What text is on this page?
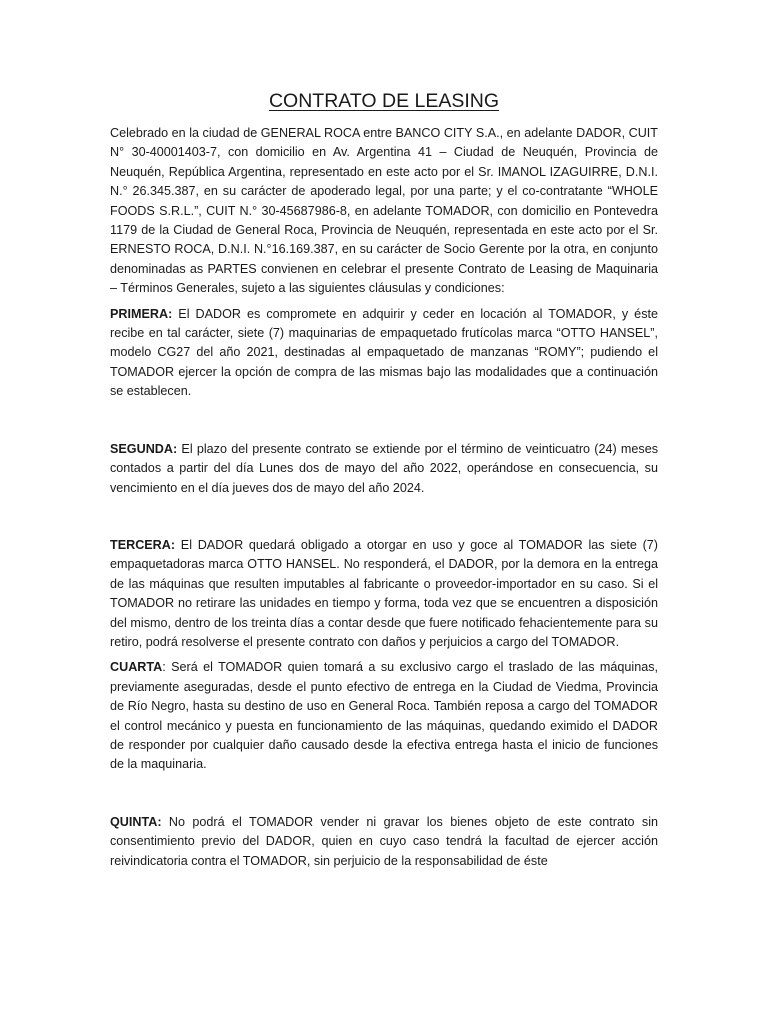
CONTRATO DE LEASING

Celebrado en la ciudad de GENERAL ROCA entre BANCO CITY S.A., en adelante DADOR, CUIT N° 30-40001403-7, con domicilio en Av. Argentina 41 – Ciudad de Neuquén, Provincia de Neuquén, República Argentina, representado en este acto por el Sr. IMANOL IZAGUIRRE, D.N.I. N.° 26.345.387, en su carácter de apoderado legal, por una parte; y el co-contratante “WHOLE FOODS S.R.L.”, CUIT N.° 30-45687986-8, en adelante TOMADOR, con domicilio en Pontevedra 1179 de la Ciudad de General Roca, Provincia de Neuquén, representada en este acto por el Sr. ERNESTO ROCA, D.N.I. N.°16.169.387, en su carácter de Socio Gerente por la otra, en conjunto denominadas as PARTES convienen en celebrar el presente Contrato de Leasing de Maquinaria – Términos Generales, sujeto a las siguientes cláusulas y condiciones:

PRIMERA: El DADOR es compromete en adquirir y ceder en locación al TOMADOR, y éste recibe en tal carácter, siete (7) maquinarias de empaquetado frutícolas marca “OTTO HANSEL”, modelo CG27 del año 2021, destinadas al empaquetado de manzanas “ROMY”; pudiendo el TOMADOR ejercer la opción de compra de las mismas bajo las modalidades que a continuación se establecen.

SEGUNDA: El plazo del presente contrato se extiende por el término de veinticuatro (24) meses contados a partir del día Lunes dos de mayo del año 2022, operándose en consecuencia, su vencimiento en el día jueves dos de mayo del año 2024.

TERCERA: El DADOR quedará obligado a otorgar en uso y goce al TOMADOR las siete (7) empaquetadoras marca OTTO HANSEL. No responderá, el DADOR, por la demora en la entrega de las máquinas que resulten imputables al fabricante o proveedor-importador en su caso. Si el TOMADOR no retirare las unidades en tiempo y forma, toda vez que se encuentren a disposición del mismo, dentro de los treinta días a contar desde que fuere notificado fehacientemente para su retiro, podrá resolverse el presente contrato con daños y perjuicios a cargo del TOMADOR.

CUARTA: Será el TOMADOR quien tomará a su exclusivo cargo el traslado de las máquinas, previamente aseguradas, desde el punto efectivo de entrega en la Ciudad de Viedma, Provincia de Río Negro, hasta su destino de uso en General Roca. También reposa a cargo del TOMADOR el control mecánico y puesta en funcionamiento de las máquinas, quedando eximido el DADOR de responder por cualquier daño causado desde la efectiva entrega hasta el inicio de funciones de la maquinaria.

QUINTA: No podrá el TOMADOR vender ni gravar los bienes objeto de este contrato sin consentimiento previo del DADOR, quien en cuyo caso tendrá la facultad de ejercer acción reivindicatoria contra el TOMADOR, sin perjuicio de la responsabilidad de éste
